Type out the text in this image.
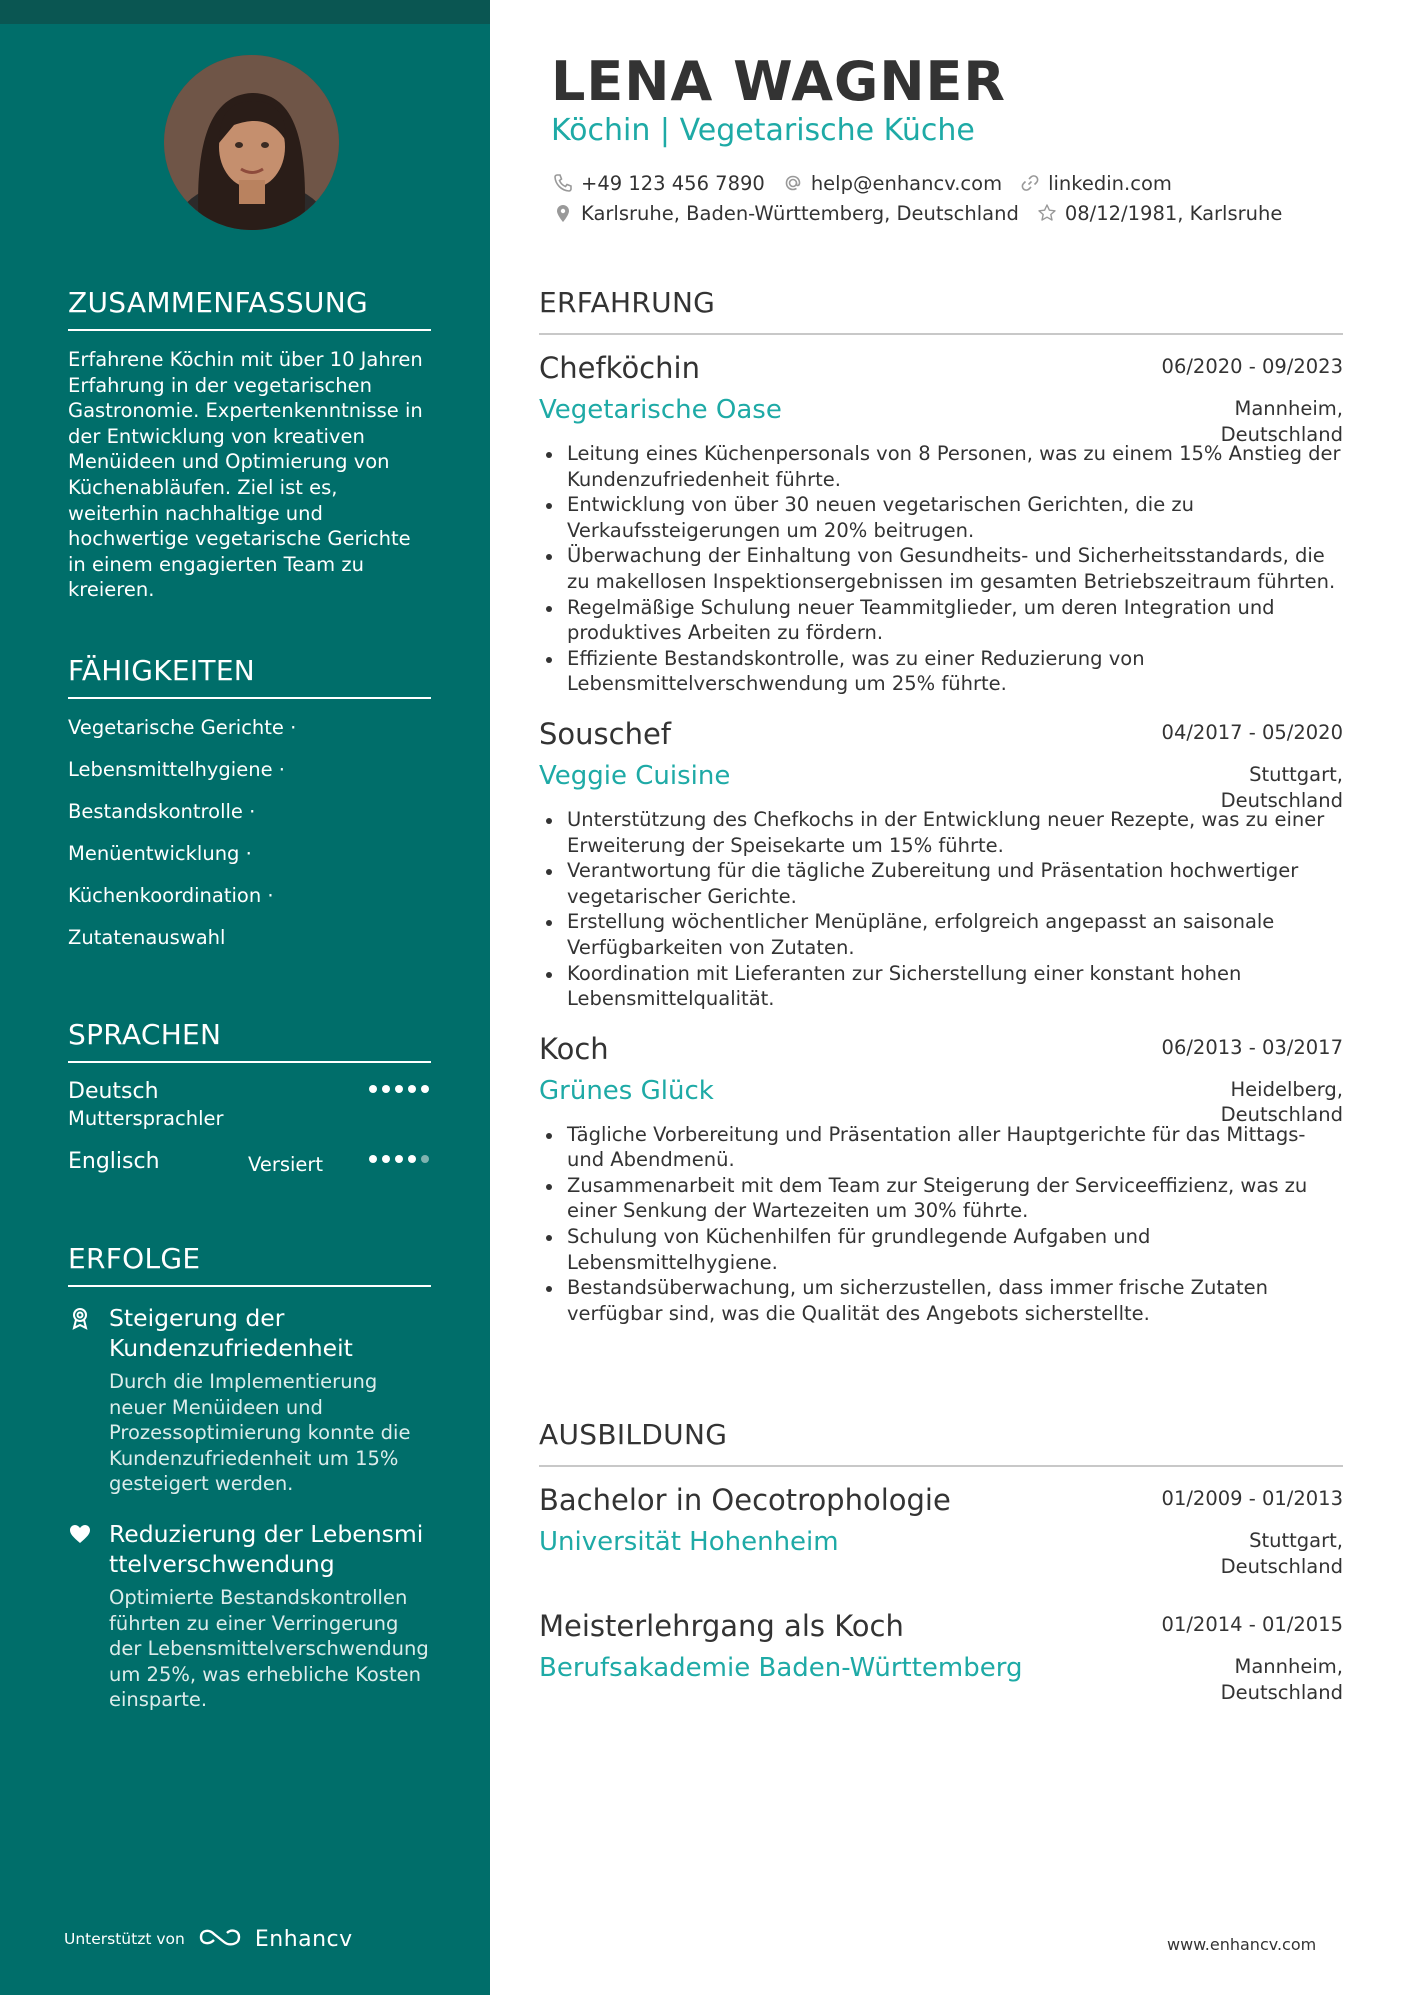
ZUSAMMENFASSUNG
Erfahrene Köchin mit über 10 Jahren Erfahrung in der vegetarischen Gastronomie. Expertenkenntnisse in der Entwicklung von kreativen Menüideen und Optimierung von Küchenabläufen. Ziel ist es, weiterhin nachhaltige und hochwertige vegetarische Gerichte in einem engagierten Team zu kreieren.
FÄHIGKEITEN
Vegetarische Gerichte ·
Lebensmittelhygiene ·
Bestandskontrolle ·
Menüentwicklung ·
Küchenkoordination ·
Zutatenauswahl
SPRACHEN
Deutsch
Muttersprachler
Englisch	Versiert
ERFOLGE
Steigerung der Kundenzufriedenheit
Durch die Implementierung neuer Menüideen und Prozessoptimierung konnte die Kundenzufriedenheit um 15% gesteigert werden.
Reduzierung der Lebensmittelverschwendung
Optimierte Bestandskontrollen führten zu einer Verringerung der Lebensmittelverschwendung um 25%, was erhebliche Kosten einsparte.
Unterstützt von	Enhancv
LENA WAGNER
Köchin | Vegetarische Küche
+49 123 456 7890 help@enhancv.com linkedin.com
Karlsruhe, Baden-Württemberg, Deutschland 08/12/1981, Karlsruhe
ERFAHRUNG
Chefköchin	06/2020 - 09/2023
Vegetarische Oase	Mannheim,
Deutschland
Leitung eines Küchenpersonals von 8 Personen, was zu einem 15% Anstieg der Kundenzufriedenheit führte.
Entwicklung von über 30 neuen vegetarischen Gerichten, die zu Verkaufssteigerungen um 20% beitrugen.
Überwachung der Einhaltung von Gesundheits- und Sicherheitsstandards, die zu makellosen Inspektionsergebnissen im gesamten Betriebszeitraum führten.
Regelmäßige Schulung neuer Teammitglieder, um deren Integration und produktives Arbeiten zu fördern.
Effiziente Bestandskontrolle, was zu einer Reduzierung von Lebensmittelverschwendung um 25% führte.
Souschef	04/2017 - 05/2020
Veggie Cuisine	Stuttgart,
Deutschland
Unterstützung des Chefkochs in der Entwicklung neuer Rezepte, was zu einer Erweiterung der Speisekarte um 15% führte.
Verantwortung für die tägliche Zubereitung und Präsentation hochwertiger vegetarischer Gerichte.
Erstellung wöchentlicher Menüpläne, erfolgreich angepasst an saisonale Verfügbarkeiten von Zutaten.
Koordination mit Lieferanten zur Sicherstellung einer konstant hohen Lebensmittelqualität.
Koch	06/2013 - 03/2017
Grünes Glück	Heidelberg,
Deutschland
Tägliche Vorbereitung und Präsentation aller Hauptgerichte für das Mittags- und Abendmenü.
Zusammenarbeit mit dem Team zur Steigerung der Serviceeffizienz, was zu einer Senkung der Wartezeiten um 30% führte.
Schulung von Küchenhilfen für grundlegende Aufgaben und Lebensmittelhygiene.
Bestandsüberwachung, um sicherzustellen, dass immer frische Zutaten verfügbar sind, was die Qualität des Angebots sicherstellte.
AUSBILDUNG
Bachelor in Oecotrophologie	01/2009 - 01/2013
Universität Hohenheim	Stuttgart,
Deutschland
Meisterlehrgang als Koch	01/2014 - 01/2015
Berufsakademie Baden-Württemberg	Mannheim,
Deutschland
www.enhancv.com
